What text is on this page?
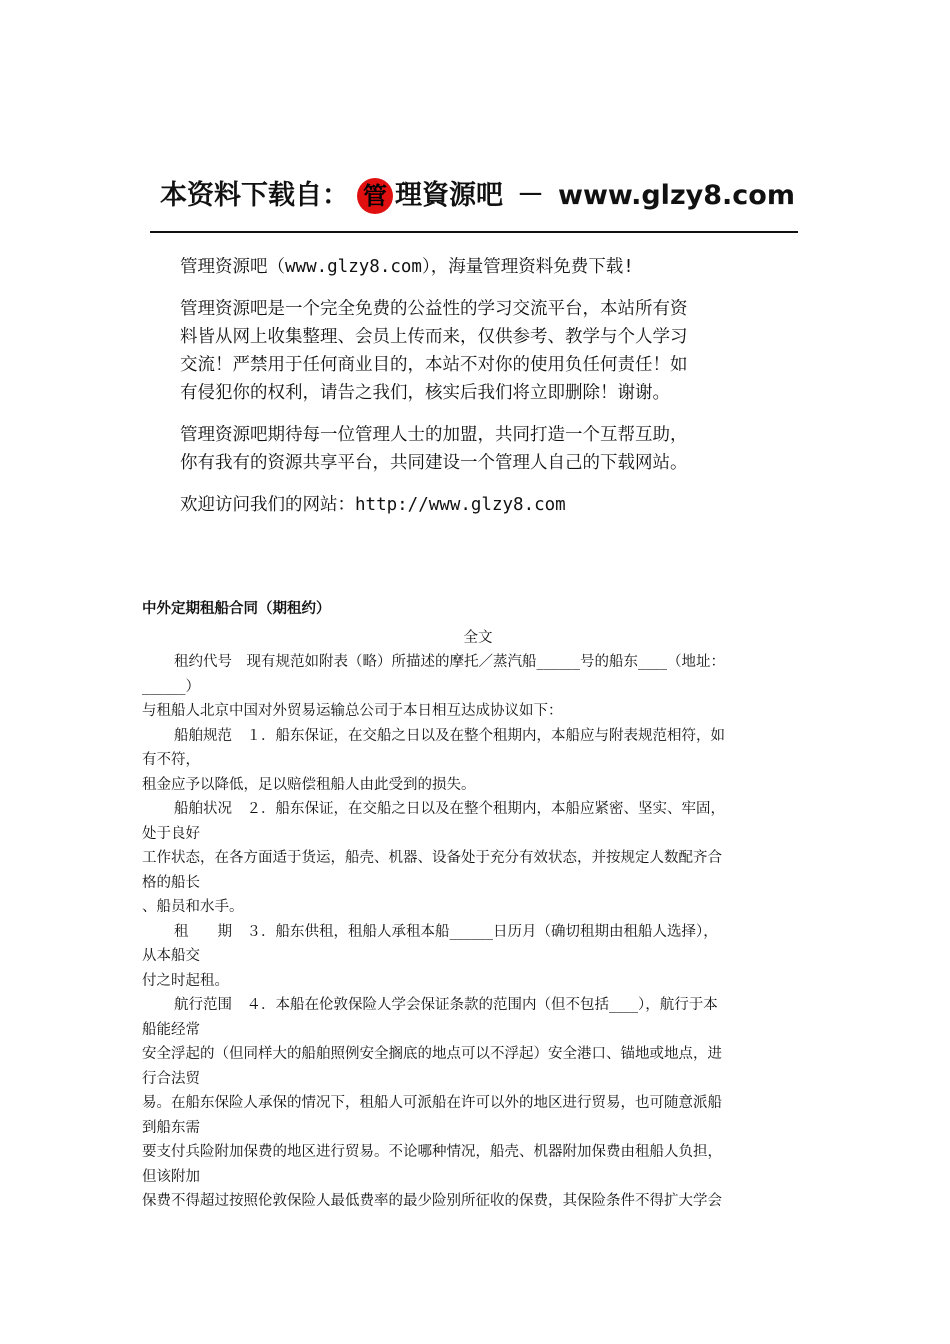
本资料下载自： 管 理資源吧 － www.glzy8.com

管理资源吧（www.glzy8.com），海量管理资料免费下载!

管理资源吧是一个完全免费的公益性的学习交流平台，本站所有资
料皆从网上收集整理、会员上传而来，仅供参考、教学与个人学习
交流！严禁用于任何商业目的，本站不对你的使用负任何责任！如
有侵犯你的权利，请告之我们，核实后我们将立即删除！谢谢。

管理资源吧期待每一位管理人士的加盟，共同打造一个互帮互助，
你有我有的资源共享平台，共同建设一个管理人自己的下载网站。

欢迎访问我们的网站：http://www.glzy8.com

中外定期租船合同（期租约）
全文
租约代号　现有规范如附表（略）所描述的摩托／蒸汽船______号的船东____（地址：
______）
与租船人北京中国对外贸易运输总公司于本日相互达成协议如下：
船舶规范　１．船东保证，在交船之日以及在整个租期内，本船应与附表规范相符，如
有不符，
租金应予以降低，足以赔偿租船人由此受到的损失。
船舶状况　２．船东保证，在交船之日以及在整个租期内，本船应紧密、坚实、牢固，
处于良好
工作状态，在各方面适于货运，船壳、机器、设备处于充分有效状态，并按规定人数配齐合
格的船长
、船员和水手。
租　　期　３．船东供租，租船人承租本船______日历月（确切租期由租船人选择），
从本船交
付之时起租。
航行范围　４．本船在伦敦保险人学会保证条款的范围内（但不包括____），航行于本
船能经常
安全浮起的（但同样大的船舶照例安全搁底的地点可以不浮起）安全港口、锚地或地点，进
行合法贸
易。在船东保险人承保的情况下，租船人可派船在许可以外的地区进行贸易，也可随意派船
到船东需
要支付兵险附加保费的地区进行贸易。不论哪种情况，船壳、机器附加保费由租船人负担，
但该附加
保费不得超过按照伦敦保险人最低费率的最少险别所征收的保费，其保险条件不得扩大学会
